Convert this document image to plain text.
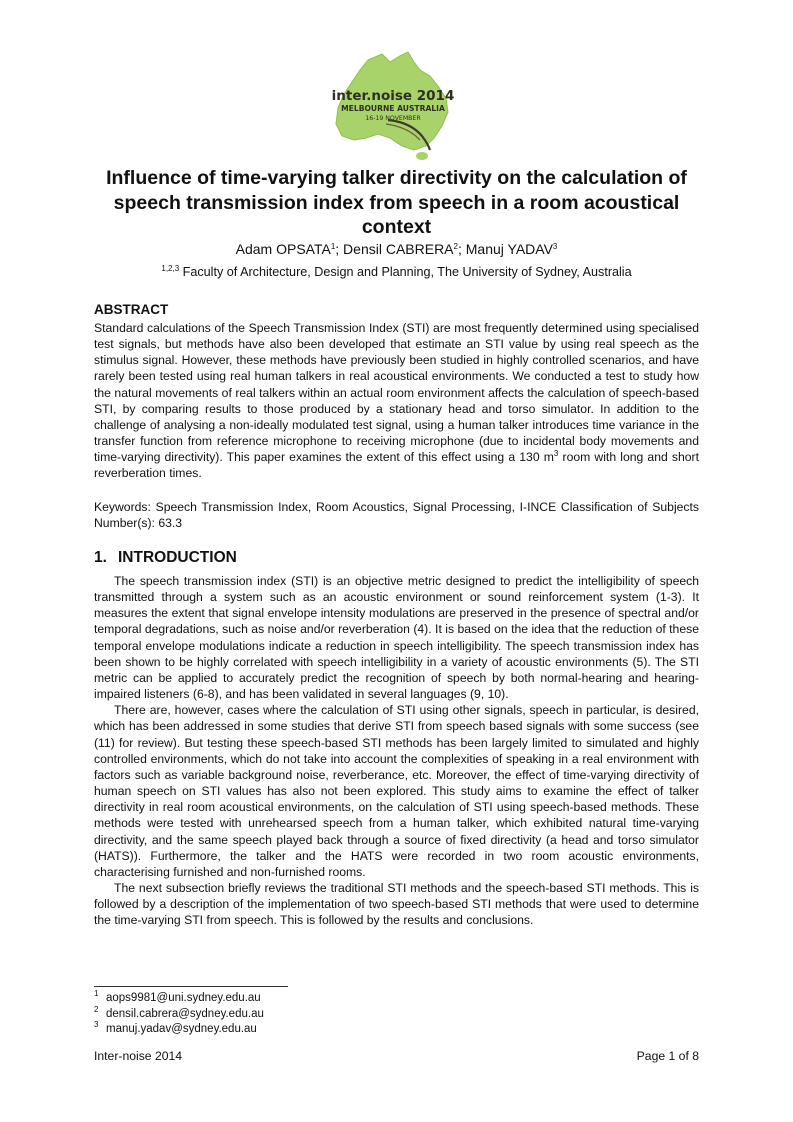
inter.noise 2014
MELBOURNE AUSTRALIA
16-19 NOVEMBER
Influence of time-varying talker directivity on the calculation of speech transmission index from speech in a room acoustical context
Adam OPSATA$^1$; Densil CABRERA$^2$; Manuj YADAV$^3$
$^{1,2,3}$ Faculty of Architecture, Design and Planning, The University of Sydney, Australia
ABSTRACT

Standard calculations of the Speech Transmission Index (STI) are most frequently determined using specialised test signals, but methods have also been developed that estimate an STI value by using real speech as the stimulus signal. However, these methods have previously been studied in highly controlled scenarios, and have rarely been tested using real human talkers in real acoustical environments. We conducted a test to study how the natural movements of real talkers within an actual room environment affects the calculation of speech-based STI, by comparing results to those produced by a stationary head and torso simulator. In addition to the challenge of analysing a non-ideally modulated test signal, using a human talker introduces time variance in the transfer function from reference microphone to receiving microphone (due to incidental body movements and time-varying directivity). This paper examines the extent of this effect using a 130 $m^3$ room with long and short reverberation times.

Keywords: Speech Transmission Index, Room Acoustics, Signal Processing, I-INCE Classification of Subjects Number(s): 63.3

1. INTRODUCTION

The speech transmission index (STI) is an objective metric designed to predict the intelligibility of speech transmitted through a system such as an acoustic environment or sound reinforcement system (1-3). It measures the extent that signal envelope intensity modulations are preserved in the presence of spectral and/or temporal degradations, such as noise and/or reverberation (4). It is based on the idea that the reduction of these temporal envelope modulations indicate a reduction in speech intelligibility. The speech transmission index has been shown to be highly correlated with speech intelligibility in a variety of acoustic environments (5). The STI metric can be applied to accurately predict the recognition of speech by both normal-hearing and hearing-impaired listeners (6-8), and has been validated in several languages (9, 10).

There are, however, cases where the calculation of STI using other signals, speech in particular, is desired, which has been addressed in some studies that derive STI from speech based signals with some success (see (11) for review). But testing these speech-based STI methods has been largely limited to simulated and highly controlled environments, which do not take into account the complexities of speaking in a real environment with factors such as variable background noise, reverberance, etc. Moreover, the effect of time-varying directivity of human speech on STI values has also not been explored. This study aims to examine the effect of talker directivity in real room acoustical environments, on the calculation of STI using speech-based methods. These methods were tested with unrehearsed speech from a human talker, which exhibited natural time-varying directivity, and the same speech played back through a source of fixed directivity (a head and torso simulator (HATS)). Furthermore, the talker and the HATS were recorded in two room acoustic environments, characterising furnished and non-furnished rooms.

The next subsection briefly reviews the traditional STI methods and the speech-based STI methods. This is followed by a description of the implementation of two speech-based STI methods that were used to determine the time-varying STI from speech. This is followed by the results and conclusions.

$^1$ aops9981@uni.sydney.edu.au
$^2$ densil.cabrera@sydney.edu.au
$^3$ manuj.yadav@sydney.edu.au
Inter-noise 2014	Page 1 of 8
